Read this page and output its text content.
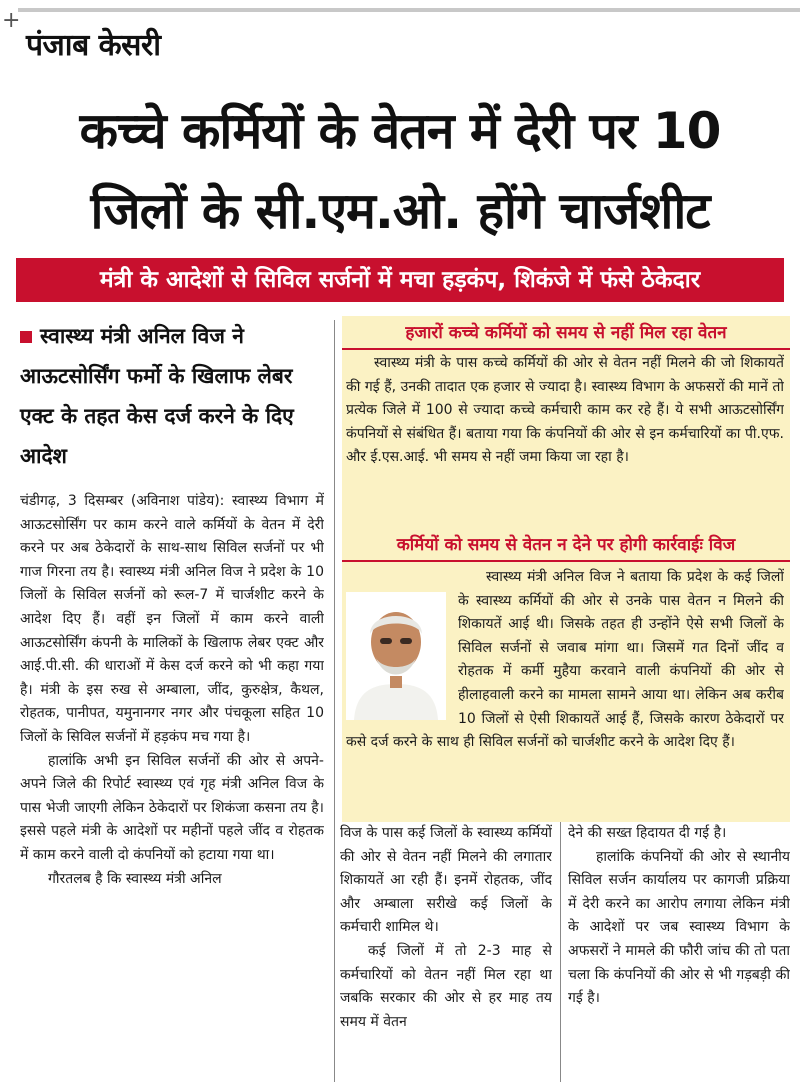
+
पंजाब केसरी
कच्चे कर्मियों के वेतन में देरी पर 10
जिलों के सी.एम.ओ. होंगे चार्जशीट
मंत्री के आदेशों से सिविल सर्जनों में मचा हड़कंप, शिकंजे में फंसे ठेकेदार
स्वास्थ्य मंत्री अनिल विज ने आऊटसोर्सिंग फर्मो के खिलाफ लेबर एक्ट के तहत केस दर्ज करने के दिए आदेश

चंडीगढ़, 3 दिसम्बर (अविनाश पांडेय): स्वास्थ्य विभाग में आऊटसोर्सिंग पर काम करने वाले कर्मियों के वेतन में देरी करने पर अब ठेकेदारों के साथ-साथ सिविल सर्जनों पर भी गाज गिरना तय है। स्वास्थ्य मंत्री अनिल विज ने प्रदेश के 10 जिलों के सिविल सर्जनों को रूल-7 में चार्जशीट करने के आदेश दिए हैं। वहीं इन जिलों में काम करने वाली आऊटसोर्सिंग कंपनी के मालिकों के खिलाफ लेबर एक्ट और आई.पी.सी. की धाराओं में केस दर्ज करने को भी कहा गया है। मंत्री के इस रुख से अम्बाला, जींद, कुरुक्षेत्र, कैथल, रोहतक, पानीपत, यमुनानगर नगर और पंचकूला सहित 10 जिलों के सिविल सर्जनों में हड़कंप मच गया है।

हालांकि अभी इन सिविल सर्जनों की ओर से अपने-अपने जिले की रिपोर्ट स्वास्थ्य एवं गृह मंत्री अनिल विज के पास भेजी जाएगी लेकिन ठेकेदारों पर शिकंजा कसना तय है। इससे पहले मंत्री के आदेशों पर महीनों पहले जींद व रोहतक में काम करने वाली दो कंपनियों को हटाया गया था।

गौरतलब है कि स्वास्थ्य मंत्री अनिल

हजारों कच्चे कर्मियों को समय से नहीं मिल रहा वेतन

स्वास्थ्य मंत्री के पास कच्चे कर्मियों की ओर से वेतन नहीं मिलने की जो शिकायतें की गई हैं, उनकी तादात एक हजार से ज्यादा है। स्वास्थ्य विभाग के अफसरों की मानें तो प्रत्येक जिले में 100 से ज्यादा कच्चे कर्मचारी काम कर रहे हैं। ये सभी आऊटसोर्सिंग कंपनियों से संबंधित हैं। बताया गया कि कंपनियों की ओर से इन कर्मचारियों का पी.एफ. और ई.एस.आई. भी समय से नहीं जमा किया जा रहा है।

कर्मियों को समय से वेतन न देने पर होगी कार्रवाईः विज

स्वास्थ्य मंत्री अनिल विज ने बताया कि प्रदेश के कई जिलों के स्वास्थ्य कर्मियों की ओर से उनके पास वेतन न मिलने की शिकायतें आई थी। जिसके तहत ही उन्होंने ऐसे सभी जिलों के सिविल सर्जनों से जवाब मांगा था। जिसमें गत दिनों जींद व रोहतक में कर्मी मुहैया करवाने वाली कंपनियों की ओर से हीलाहवाली करने का मामला सामने आया था। लेकिन अब करीब 10 जिलों से ऐसी शिकायतें आई हैं, जिसके कारण ठेकेदारों पर कसे दर्ज करने के साथ ही सिविल सर्जनों को चार्जशीट करने के आदेश दिए हैं।

विज के पास कई जिलों के स्वास्थ्य कर्मियों की ओर से वेतन नहीं मिलने की लगातार शिकायतें आ रही हैं। इनमें रोहतक, जींद और अम्बाला सरीखे कई जिलों के कर्मचारी शामिल थे।

कई जिलों में तो 2-3 माह से कर्मचारियों को वेतन नहीं मिल रहा था जबकि सरकार की ओर से हर माह तय समय में वेतन

देने की सख्त हिदायत दी गई है।

हालांकि कंपनियों की ओर से स्थानीय सिविल सर्जन कार्यालय पर कागजी प्रक्रिया में देरी करने का आरोप लगाया लेकिन मंत्री के आदेशों पर जब स्वास्थ्य विभाग के अफसरों ने मामले की फौरी जांच की तो पता चला कि कंपनियों की ओर से भी गड़बड़ी की गई है।
